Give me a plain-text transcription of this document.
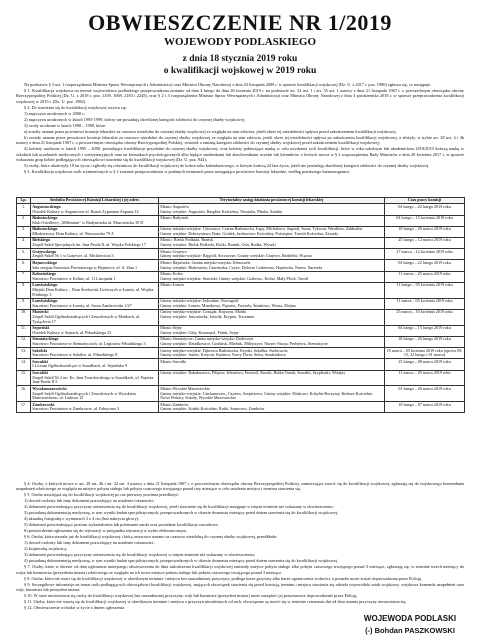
OBWIESZCZENIE NR 1/2019
WOJEWODY PODLASKIEGO
z dnia 18 stycznia 2019 roku
o kwalifikacji wojskowej w 2019 roku

Na podstawie § 3 ust. 1 rozporządzenia Ministra Spraw Wewnętrznych i Administracji oraz Ministra Obrony Narodowej z dnia 23 listopada 2009 r. w sprawie kwalifikacji wojskowej (Dz. U. z 2017 r. poz. 1980) ogłasza się, co następuje:

§ 1. Kwalifikacja wojskowa na terenie województwa podlaskiego przeprowadzona zostanie od dnia 4 lutego do dnia 26 kwietnia 2019 r. na podstawie art. 32 ust. 1 i art. 35 ust. 1 ustawy z dnia 21 listopada 1967 r. o powszechnym obowiązku obrony Rzeczypospolitej Polskiej (Dz. U. z 2018 r. poz. 1459, 1669, 2183 i 2245), oraz § 2 i 3 rozporządzenia Ministra Spraw Wewnętrznych i Administracji oraz Ministra Obrony Narodowej z dnia 4 października 2018 r. w sprawie przeprowadzenia kwalifikacji wojskowej w 2019 r. (Dz. U. poz. 1982).

§ 2. Do stawienia się do kwalifikacji wojskowej wzywa się:

1) mężczyzn urodzonych w 2000 r.;

2) mężczyzn urodzonych w latach 1995-1999, którzy nie posiadają określonej kategorii zdolności do czynnej służby wojskowej;

3) osoby urodzone w latach 1998 – 1999, które:

a) zostały uznane przez powiatowe komisje lekarskie za czasowo niezdolne do czynnej służby wojskowej ze względu na stan zdrowia, jeżeli okres tej niezdolności upływa przed zakończeniem kwalifikacji wojskowej,

b) zostały uznane przez powiatowe komisje lekarskie za czasowo niezdolne do czynnej służby wojskowej ze względu na stan zdrowia, jeżeli okres tej niezdolności upływa po zakończeniu kwalifikacji wojskowej, a złożyły, w trybie art. 28 ust. 4 i 4b ustawy z dnia 21 listopada 1967 r. o powszechnym obowiązku obrony Rzeczypospolitej Polskiej, wniosek o zmianę kategorii zdolności do czynnej służby wojskowej przed zakończeniem kwalifikacji wojskowej;

4) kobiety urodzone w latach 1995 – 2000, posiadające kwalifikacje przydatne do czynnej służby wojskowej, oraz kobiety pobierające naukę w celu uzyskania tych kwalifikacji, które w roku szkolnym lub akademickim 2018/2019 kończą naukę w szkołach lub uczelniach medycznych i weterynaryjnych oraz na kierunkach psychologicznych albo będące studentkami lub absolwentkami uczelni lub kierunków, o których mowa w § 2 rozporządzenia Rady Ministrów z dnia 28 kwietnia 2017 r. w sprawie wskazania grup kobiet podlegających obowiązkowi stawienia się do kwalifikacji wojskowej (Dz. U. poz. 944);

5) osoby, które ukończyły 18 lat życia i zgłosiły się ochotniczo do kwalifikacji wojskowej do końca roku kalendarzowego, w którym kończą 24 lata życia, jeżeli nie posiadają określonej kategorii zdolności do czynnej służby wojskowej.

§ 3. Kwalifikacja wojskowa osób wymienionych w § 2 zostanie przeprowadzona w podanych terminach przez następujące powiatowe komisje lekarskie, według poniższego harmonogramu:

Lp.	Siedziba Powiatowej Komisji Lekarskiej i jej adres	Terytorialny zasięg działania powiatowej komisji lekarskiej	Czas pracy komisji
1.	Augustowskiego
Ośrodek Kultury w Augustowie ul. Rynek Zygmunta Augusta 12	Miasto Augustów
Gminy wiejskie: Augustów, Bargłów Kościelny, Nowinka, Płaska, Sztabin	04 lutego – 22 lutego 2019 roku
2.	Białostockiego
Klub Osiedlowy „Millenium” w Białymstoku ul. Mazowiecka 39 D	Miasto Białystok	04 lutego – 15 kwietnia 2019 roku
3.	Białostockiego
Młodzieżowy Dom Kultury, ul. Warszawska 79 A	Gminy miejsko-wiejskie: Choroszcz, Czarna Białostocka, Łapy, Michałowo, Supraśl, Suraż, Tykocin, Wasilków, Zabłudów
Gminy wiejskie: Dobrzyniewo Duże, Gródek, Juchnowiec Kościelny, Poświętne, Turośń Kościelna, Zawady	18 lutego – 26 marca 2019 roku
4.	Bielskiego
Zespół Szkół Specjalnych im. Jana Pawła II, ul. Wojska Polskiego 17	Miasto: Bielsk Podlaski, Brańsk
Gminy wiejskie: Bielsk Podlaski, Boćki, Brańsk, Orla, Rudka, Wyszki	25 lutego – 12 marca 2019 roku
5.	Grajewskiego
Zespół Szkół Nr 1 w Grajewie, ul. Mickiewicza 3	Miasto Grajewo
Gminy miejsko-wiejskie: Rajgród, Szczuczyn; Gminy wiejskie: Grajewo, Radziłów, Wąsosz	27 marca – 12 kwietnia 2019 roku
6.	Hajnowskiego
Sala sesyjna Starostwa Powiatowego w Hajnówce, ul. A. Zina 1	Miasto Hajnówka; Gmina miejsko-wiejska: Kleszczele
Gminy wiejskie: Białowieża, Czeremcha, Czyże, Dubicze Cerkiewne, Hajnówka, Narew, Narewka	04 lutego – 22 lutego 2019 roku
7.	Kolneńskiego
Starostwo Powiatowe w Kolnie, ul. 11 Listopada 1	Miasto Kolno
Gminy miejsko-wiejskie: Stawiski; Gminy wiejskie: Grabowo, Kolno, Mały Płock, Turośl	11 marca – 25 marca 2019 roku
8.	Łomżyńskiego
Miejski Dom Kultury – Dom Środowisk Twórczych w Łomży, ul. Wojska Polskiego 3	Miasto Łomża	11 lutego – 05 kwietnia 2019 roku
9.	Łomżyńskiego
Starostwo Powiatowe w Łomży, ul. Szosa Zambrowska 1/27	Gminy miejsko-wiejskie: Jedwabne, Nowogród
Gminy wiejskie: Łomża, Miastkowo, Piątnica, Przytuły, Śniadowo, Wizna, Zbójna	11 marca – 05 kwietnia 2019 roku
10.	Moniecki
Zespół Szkół Ogólnokształcących i Zawodowych w Mońkach, ul. Tysiąclecia 17	Gminy miejsko-wiejskie: Goniądz, Knyszyn, Mońki
Gminy wiejskie: Jasionówka, Jaświły, Krypno, Trzcianne	25 marca – 10 kwietnia 2019 roku
11.	Sejneński
Ośrodek Kultury w Sejnach, ul. Piłsudskiego 23	Miasto Sejny
Gminy wiejskie: Giby, Krasnopol, Puńsk, Sejny	04 lutego – 15 lutego 2019 roku
12.	Siemiatyckiego
Starostwo Powiatowe w Siemiatyczach, ul. Legionów Piłsudskiego 3	Miasto Siemiatycze; Gmina miejsko-wiejska: Drohiczyn
Gminy wiejskie: Dziadkowice, Grodzisk, Mielnik, Milejczyce, Nurzec-Stacja, Perlejewo, Siemiatycze	18 lutego – 26 lutego 2019 roku
13.	Sokólski
Starostwo Powiatowe w Sokółce, ul. Piłsudskiego 8	Gminy miejsko-wiejskie: Dąbrowa Białostocka, Krynki, Sokółka, Suchowola
Gminy wiejskie: Janów, Korycin, Kuźnica, Nowy Dwór, Sidra, Szudziałowo	18 marca – 05 kwietnia 2019 roku (oprócz 08, 15, 22 lutego i 01 marca)
14.	Suwalski
I Liceum Ogólnokształcące w Suwałkach, ul. Sejneńska 9	Miasto Suwałki	25 lutego – 08 marca 2019 roku
15.	Suwalski
Zespół Szkół Nr 2 im. Ks. Jana Twardowskiego w Suwałkach, ul. Papieża Jana Pawła II 5	Gminy wiejskie: Bakałarzewo, Filipów, Jeleniewo, Przerośl, Raczki, Rutka-Tartak, Suwałki, Szypliszki, Wiżajny	11 marca – 29 marca 2019 roku
16.	Wysokomazowiecki
Zespół Szkół Ogólnokształcących i Zawodowych w Wysokiem Mazowieckiem, ul. Ludowa 15	Miasto Wysokie Mazowieckie
Gminy miejsko-wiejskie: Ciechanowiec, Czyżew, Szepietowo; Gminy wiejskie: Klukowo, Kobylin-Borzymy, Kulesze Kościelne, Nowe Piekuty, Sokoły, Wysokie Mazowieckie	01 lutego – 26 marca 2019 roku
17.	Zambrowski
Starostwo Powiatowe w Zambrowie, ul. Fabryczna 3	Miasto Zambrów
Gminy wiejskie: Kołaki Kościelne, Rutki, Szumowo, Zambrów	18 lutego – 07 marca 2019 roku

§ 4. Osoby, o których mowa w art. 28 ust. 4b i art. 32 ust. 4 ustawy z dnia 21 listopada 1967 r. o powszechnym obowiązku obrony Rzeczypospolitej Polskiej, zamierzające stawić się do kwalifikacji wojskowej, zgłaszają się do wojskowego komendanta uzupełnień właściwego ze względu na miejsce pobytu stałego lub pobytu czasowego trwającego ponad trzy miesiące w celu ustalenia miejsca i terminu stawienia się.

§ 5. Osoba stawiająca się do kwalifikacji wojskowej po raz pierwszy powinna przedłożyć:

1) dowód osobisty lub inny dokument pozwalający na ustalenie tożsamości;

2) dokument potwierdzający przyczyny niestawienia się do kwalifikacji wojskowej, jeżeli stawienie się do kwalifikacji następuje w innym terminie niż wskazany w obwieszczeniu;

3) posiadaną dokumentację medyczną, w tym wyniki badań specjalistycznych, przeprowadzonych w okresie dwunastu miesięcy przed dniem stawienia się do kwalifikacji wojskowej;

4) aktualną fotografię o wymiarach 3 x 4 cm (bez nakrycia głowy);

5) dokument potwierdzający poziom wykształcenia lub pobieranie nauki oraz posiadane kwalifikacje zawodowe;

6) potwierdzenie zgłoszenia się do rejestracji w przypadku rejestracji w trybie elektronicznym.

§ 6. Osoba, która stawała już do kwalifikacji wojskowej i którą ustawowo uznano za czasowo niezdolną do czynnej służby wojskowej, przedkłada:

1) dowód osobisty lub inny dokument pozwalający na ustalenie tożsamości;

2) książeczkę wojskową;

3) dokument potwierdzający przyczyny niestawienia się do kwalifikacji wojskowej w innym terminie niż wskazany w obwieszczeniu;

4) posiadaną dokumentację medyczną, w tym wyniki badań specjalistycznych, przeprowadzonych w okresie dwunastu miesięcy przed dniem stawienia się do kwalifikacji wojskowej.

§ 7. Osoby, które w okresie od dnia ogłoszenia niniejszego obwieszczenia do dnia zakończenia kwalifikacji wojskowej zmieniły miejsce pobytu stałego albo pobytu czasowego trwającego ponad 3 miesiące, zgłaszają się, w terminie trzech miesięcy do wójta lub burmistrza (prezydenta miasta) właściwego ze względu na ich nowe miejsce pobytu stałego lub pobytu czasowego trwającego ponad 3 miesiące.

§ 8. Osoba, która nie stawi się do kwalifikacji wojskowej w określonym terminie i miejscu bez uzasadnionej przyczyny, podlega karze grzywny albo karze ograniczenia wolności, a ponadto może zostać doprowadzona przez Policję.

§ 9. Szczegółowe informacje na temat osób podlegających obowiązkowi kwalifikacji wojskowej, mających obowiązek stawienia się przed komisją, terminu i miejsca stawienia się udziela wojewódzki sztab wojskowy, wojskowa komenda uzupełnień oraz wójt, burmistrz lub prezydent miasta.

§ 10. W razie niestawienia się osoby do kwalifikacji wojskowej bez uzasadnionej przyczyny, wójt lub burmistrz (prezydent miasta) może zarządzić jej przymusowe doprowadzenie przez Policję.

§ 11. Osoby, które nie stawią się do kwalifikacji wojskowej w określonym terminie i miejscu z przyczyn niezależnych od nich, obowiązane są stawić się w terminie czternastu dni od dnia ustania przyczyny niestawienia się.

§ 12. Obwieszczenie wchodzi w życie z dniem ogłoszenia.

WOJEWODA PODLASKI
(-) Bohdan PASZKOWSKI
